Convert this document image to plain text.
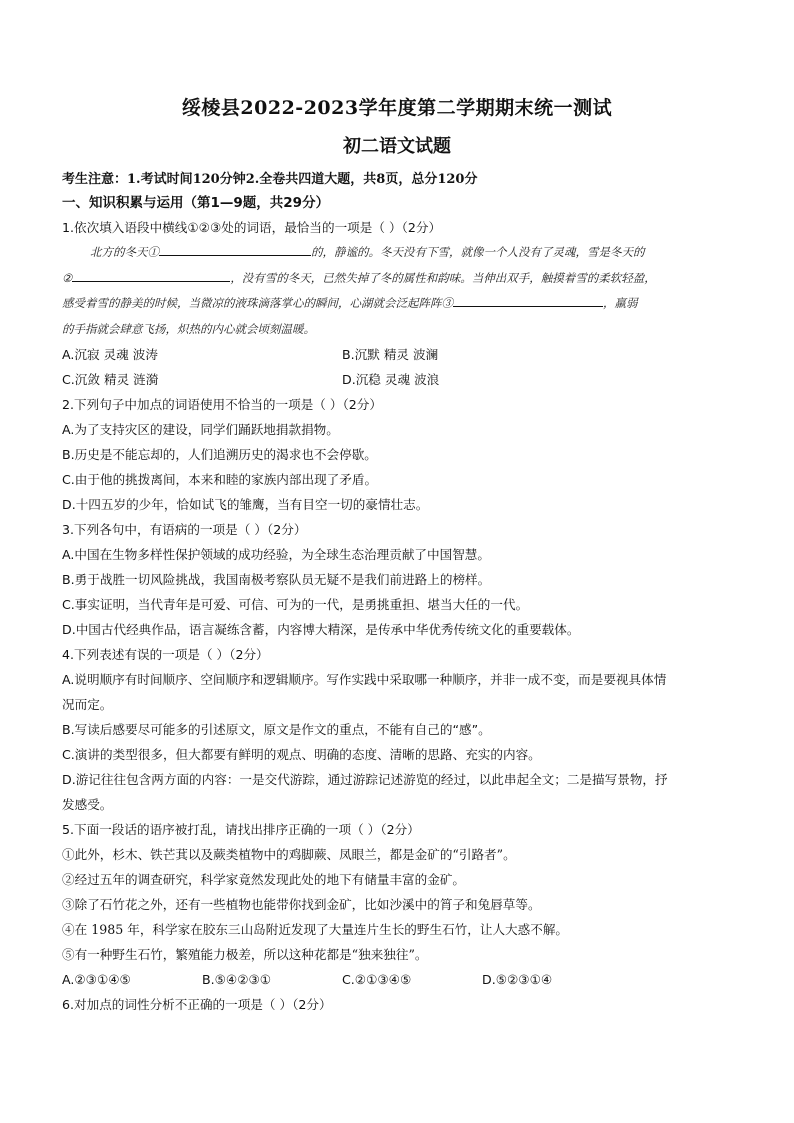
绥棱县2022-2023学年度第二学期期末统一测试

初二语文试题

考生注意：1.考试时间120分钟2.全卷共四道大题，共8页，总分120分

一、知识积累与运用（第1—9题，共29分）

1.依次填入语段中横线①②③处的词语，最恰当的一项是（ ）（2分）

北方的冬天①	的，静谧的。冬天没有下雪，就像一个人没有了灵魂，雪是冬天的

②	，没有雪的冬天，已然失掉了冬的属性和韵味。当伸出双手，触摸着雪的柔软轻盈，

感受着雪的静美的时候，当微凉的液珠滴落掌心的瞬间，心湖就会泛起阵阵③	，羸弱

的手指就会肆意飞扬，炽热的内心就会顷刻温暖。

A.沉寂 灵魂 波涛	B.沉默 精灵 波澜
C.沉敛 精灵 涟漪	D.沉稳 灵魂 波浪

2.下列句子中加点的词语使用不恰当的一项是（ ）（2分）

A.为了支持灾区的建设，同学们踊跃地捐款捐物。

B.历史是不能忘却的，人们追溯历史的渴求也不会停歇。

C.由于他的挑拨离间，本来和睦的家族内部出现了矛盾。

D.十四五岁的少年，恰如试飞的雏鹰，当有目空一切的豪情壮志。

3.下列各句中，有语病的一项是（ ）（2分）

A.中国在生物多样性保护领域的成功经验，为全球生态治理贡献了中国智慧。

B.勇于战胜一切风险挑战，我国南极考察队员无疑不是我们前进路上的榜样。

C.事实证明，当代青年是可爱、可信、可为的一代，是勇挑重担、堪当大任的一代。

D.中国古代经典作品，语言凝练含蓄，内容博大精深，是传承中华优秀传统文化的重要载体。

4.下列表述有误的一项是（ ）（2分）

A.说明顺序有时间顺序、空间顺序和逻辑顺序。写作实践中采取哪一种顺序，并非一成不变，而是要视具体情

况而定。

B.写读后感要尽可能多的引述原文，原文是作文的重点，不能有自己的“感”。

C.演讲的类型很多，但大都要有鲜明的观点、明确的态度、清晰的思路、充实的内容。

D.游记往往包含两方面的内容：一是交代游踪，通过游踪记述游览的经过，以此串起全文；二是描写景物，抒

发感受。

5.下面一段话的语序被打乱，请找出排序正确的一项（ ）（2分）

①此外，杉木、铁芒萁以及蕨类植物中的鸡脚蕨、凤眼兰，都是金矿的“引路者”。

②经过五年的调查研究，科学家竟然发现此处的地下有储量丰富的金矿。

③除了石竹花之外，还有一些植物也能带你找到金矿，比如沙溪中的筲子和兔唇草等。

④在 1985 年，科学家在胶东三山岛附近发现了大量连片生长的野生石竹，让人大惑不解。

⑤有一种野生石竹，繁殖能力极差，所以这种花都是“独来独往”。

A.②③①④⑤	B.⑤④②③①	C.②①③④⑤	D.⑤②③①④

6.对加点的词性分析不正确的一项是（ ）（2分）
